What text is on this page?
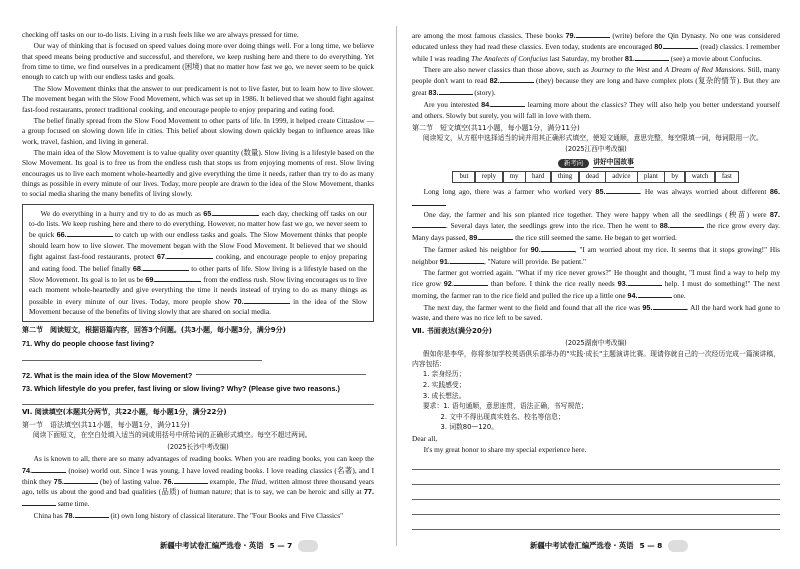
checking off tasks on our to-do lists. Living in a rush feels like we are always pressed for time.

Our way of thinking that is focused on speed values doing more over doing things well. For a long time, we believe that speed means being productive and successful, and therefore, we keep rushing here and there to do everything. Yet from time to time, we find ourselves in a predicament (困境) that no matter how fast we go, we never seem to be quick enough to catch up with our endless tasks and goals.

The Slow Movement thinks that the answer to our predicament is not to live faster, but to learn how to live slower. The movement began with the Slow Food Movement, which was set up in 1986. It believed that we should fight against fast-food restaurants, protect traditional cooking, and encourage people to enjoy preparing and eating food.

The belief finally spread from the Slow Food Movement to other parts of life. In 1999, it helped create Cittaslow — a group focused on slowing down life in cities. This belief about slowing down quickly began to influence areas like work, travel, fashion, and living in general.

The main idea of the Slow Movement is to value quality over quantity (数量). Slow living is a lifestyle based on the Slow Movement. Its goal is to free us from the endless rush that stops us from enjoying moments of rest. Slow living encourages us to live each moment whole-heartedly and give everything the time it needs, rather than try to do as many things as possible in every minute of our lives. Today, more people are drawn to the idea of the Slow Movement, thanks to social media sharing the many benefits of living slowly.

We do everything in a hurry and try to do as much as 65.	each day, checking off tasks on our to-do lists. We keep rushing here and there to do everything. However, no matter how fast we go, we never seem to be quick 66.	to catch up with our endless tasks and goals. The Slow Movement thinks that people should learn how to live slower. The movement began with the Slow Food Movement. It believed that we should fight against fast-food restaurants, protect 67.	cooking, and encourage people to enjoy preparing and eating food. The belief finally 68.	to other parts of life. Slow living is a lifestyle based on the Slow Movement. Its goal is to let us be 69.	from the endless rush. Slow living encourages us to live each moment whole-heartedly and give everything the time it needs instead of trying to do as many things as possible in every minute of our lives. Today, more people show 70.	in the idea of the Slow Movement because of the benefits of living slowly that are shared on social media.

第二节　阅读短文，根据语篇内容，回答3个问题。(共3小题，每小题3分，满分9分)
71. Why do people choose fast living?
72. What is the main idea of the Slow Movement?
73. Which lifestyle do you prefer, fast living or slow living? Why? (Please give two reasons.)
Ⅵ. 阅读填空(本题共分两节，共22小题，每小题1分，满分22分)
第一节　语法填空(共11小题，每小题1分，满分11分)

阅读下面短文，在空白处填入适当的词或用括号中所给词的正确形式填空。每空不超过两词。

(2025长沙中考改编)

As is known to all, there are so many advantages of reading books. When you are reading books, you can keep the 74.	(noise) world out. Since I was young, I have loved reading books. I love reading classics (名著), and I think they 75.	(be) of lasting value. 76.	example, The Iliad, written almost three thousand years ago, tells us about the good and bad qualities (品质) of human nature; that is to say, we can be heroic and silly at 77. same time.

China has 78.	(it) own long history of classical literature. The "Four Books and Five Classics"

are among the most famous classics. These books 79.	(write) before the Qin Dynasty. No one was considered educated unless they had read these classics. Even today, students are encouraged 80.	(read) classics. I remember while I was reading The Analects of Confucius last Saturday, my brother 81.	(see) a movie about Confucius.

There are also newer classics than those above, such as Journey to the West and A Dream of Red Mansions. Still, many people don't want to read 82.	(they) because they are long and have complex plots (复杂的情节). But they are great 83.	(story).

Are you interested 84.	learning more about the classics? They will also help you better understand yourself and others. Slowly but surely, you will fall in love with them.

第二节　短文填空(共11小题，每小题1分，满分11分)

阅读短文，从方框中选择适当的词并用其正确形式填空，使短文通顺，意思完整，每空限填一词，每词限用一次。

(2025江西中考改编)
新考向	讲好中国故事
but	reply	my	hard	thing	dead	advice	plant	by	watch	fast

Long long ago, there was a farmer who worked very 85.	. He was always worried about different 86.

One day, the farmer and his son planted rice together. They were happy when all the seedlings (秧苗) were 87.. Several days later, the seedlings grew into the rice. Then he went to 88.	the rice grow every day. Many days passed, 89.	the rice still seemed the same. He began to get worried.

The farmer asked his neighbor for 90.	, "I am worried about my rice. It seems that it stops growing!" His neighbor 91.	, "Nature will provide. Be patient."

The farmer got worried again. "What if my rice never grows?" He thought and thought, "I must find a way to help my rice grow 92.	than before. I think the rice really needs 93.	help. I must do something!" The next morning, the farmer ran to the rice field and pulled the rice up a little one 94.	one.

The next day, the farmer went to the field and found that all the rice was 95.	. All the hard work had gone to waste, and there was no rice left to be saved.

Ⅶ. 书面表达(满分20分)
(2025湖南中考改编)

假如你是李华，你将参加学校英语俱乐部举办的"实践·成长"主题演讲比赛。现请你就自己的一次经历完成一篇演讲稿，内容包括：

1. 亲身经历；

2. 实践感受；

3. 成长想法。

要求：1. 语句通顺，意思连贯，语法正确，书写规范；

2. 文中不得出现真实姓名、校名等信息；

3. 词数80—120。

Dear all,

It's my great honor to share my special experience here.

新疆中考试卷汇编严选卷・英语 5 — 7	新疆中考试卷汇编严选卷・英语 5 — 8
